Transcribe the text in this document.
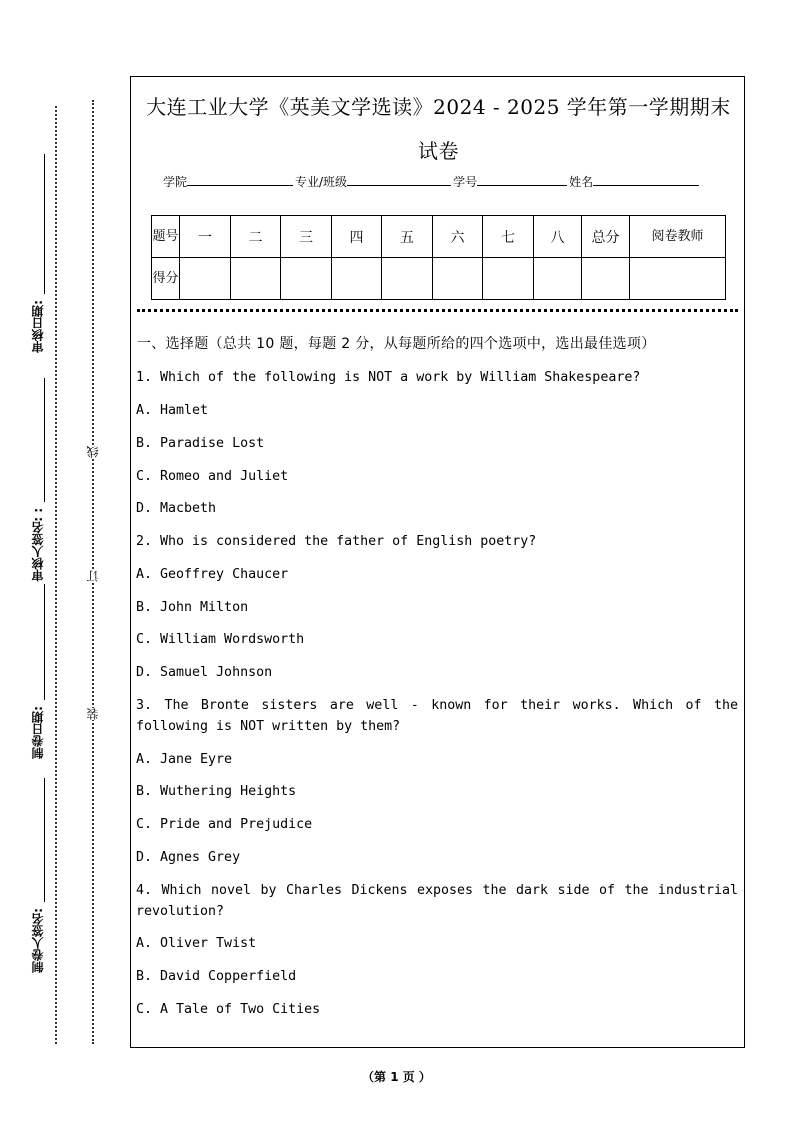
审核日期:
审核人签名: :
制卷日期:
制卷人签名:
线
订
装
大连工业大学《英美文学选读》2024 - 2025 学年第一学期期末试卷
学院	专业/班级	学号	姓名
题号	一	二	三	四	五	六	七	八	总分	阅卷教师
得分										
一、选择题（总共 10 题，每题 2 分，从每题所给的四个选项中，选出最佳选项）
1. Which of the following is NOT a work by William Shakespeare?
A. Hamlet
B. Paradise Lost
C. Romeo and Juliet
D. Macbeth
2. Who is considered the father of English poetry?
A. Geoffrey Chaucer
B. John Milton
C. William Wordsworth
D. Samuel Johnson
3. The Bronte sisters are well - known for their works. Which of the following is NOT written by them?
A. Jane Eyre
B. Wuthering Heights
C. Pride and Prejudice
D. Agnes Grey
4. Which novel by Charles Dickens exposes the dark side of the industrial revolution?
A. Oliver Twist
B. David Copperfield
C. A Tale of Two Cities
（第 1 页 ）
